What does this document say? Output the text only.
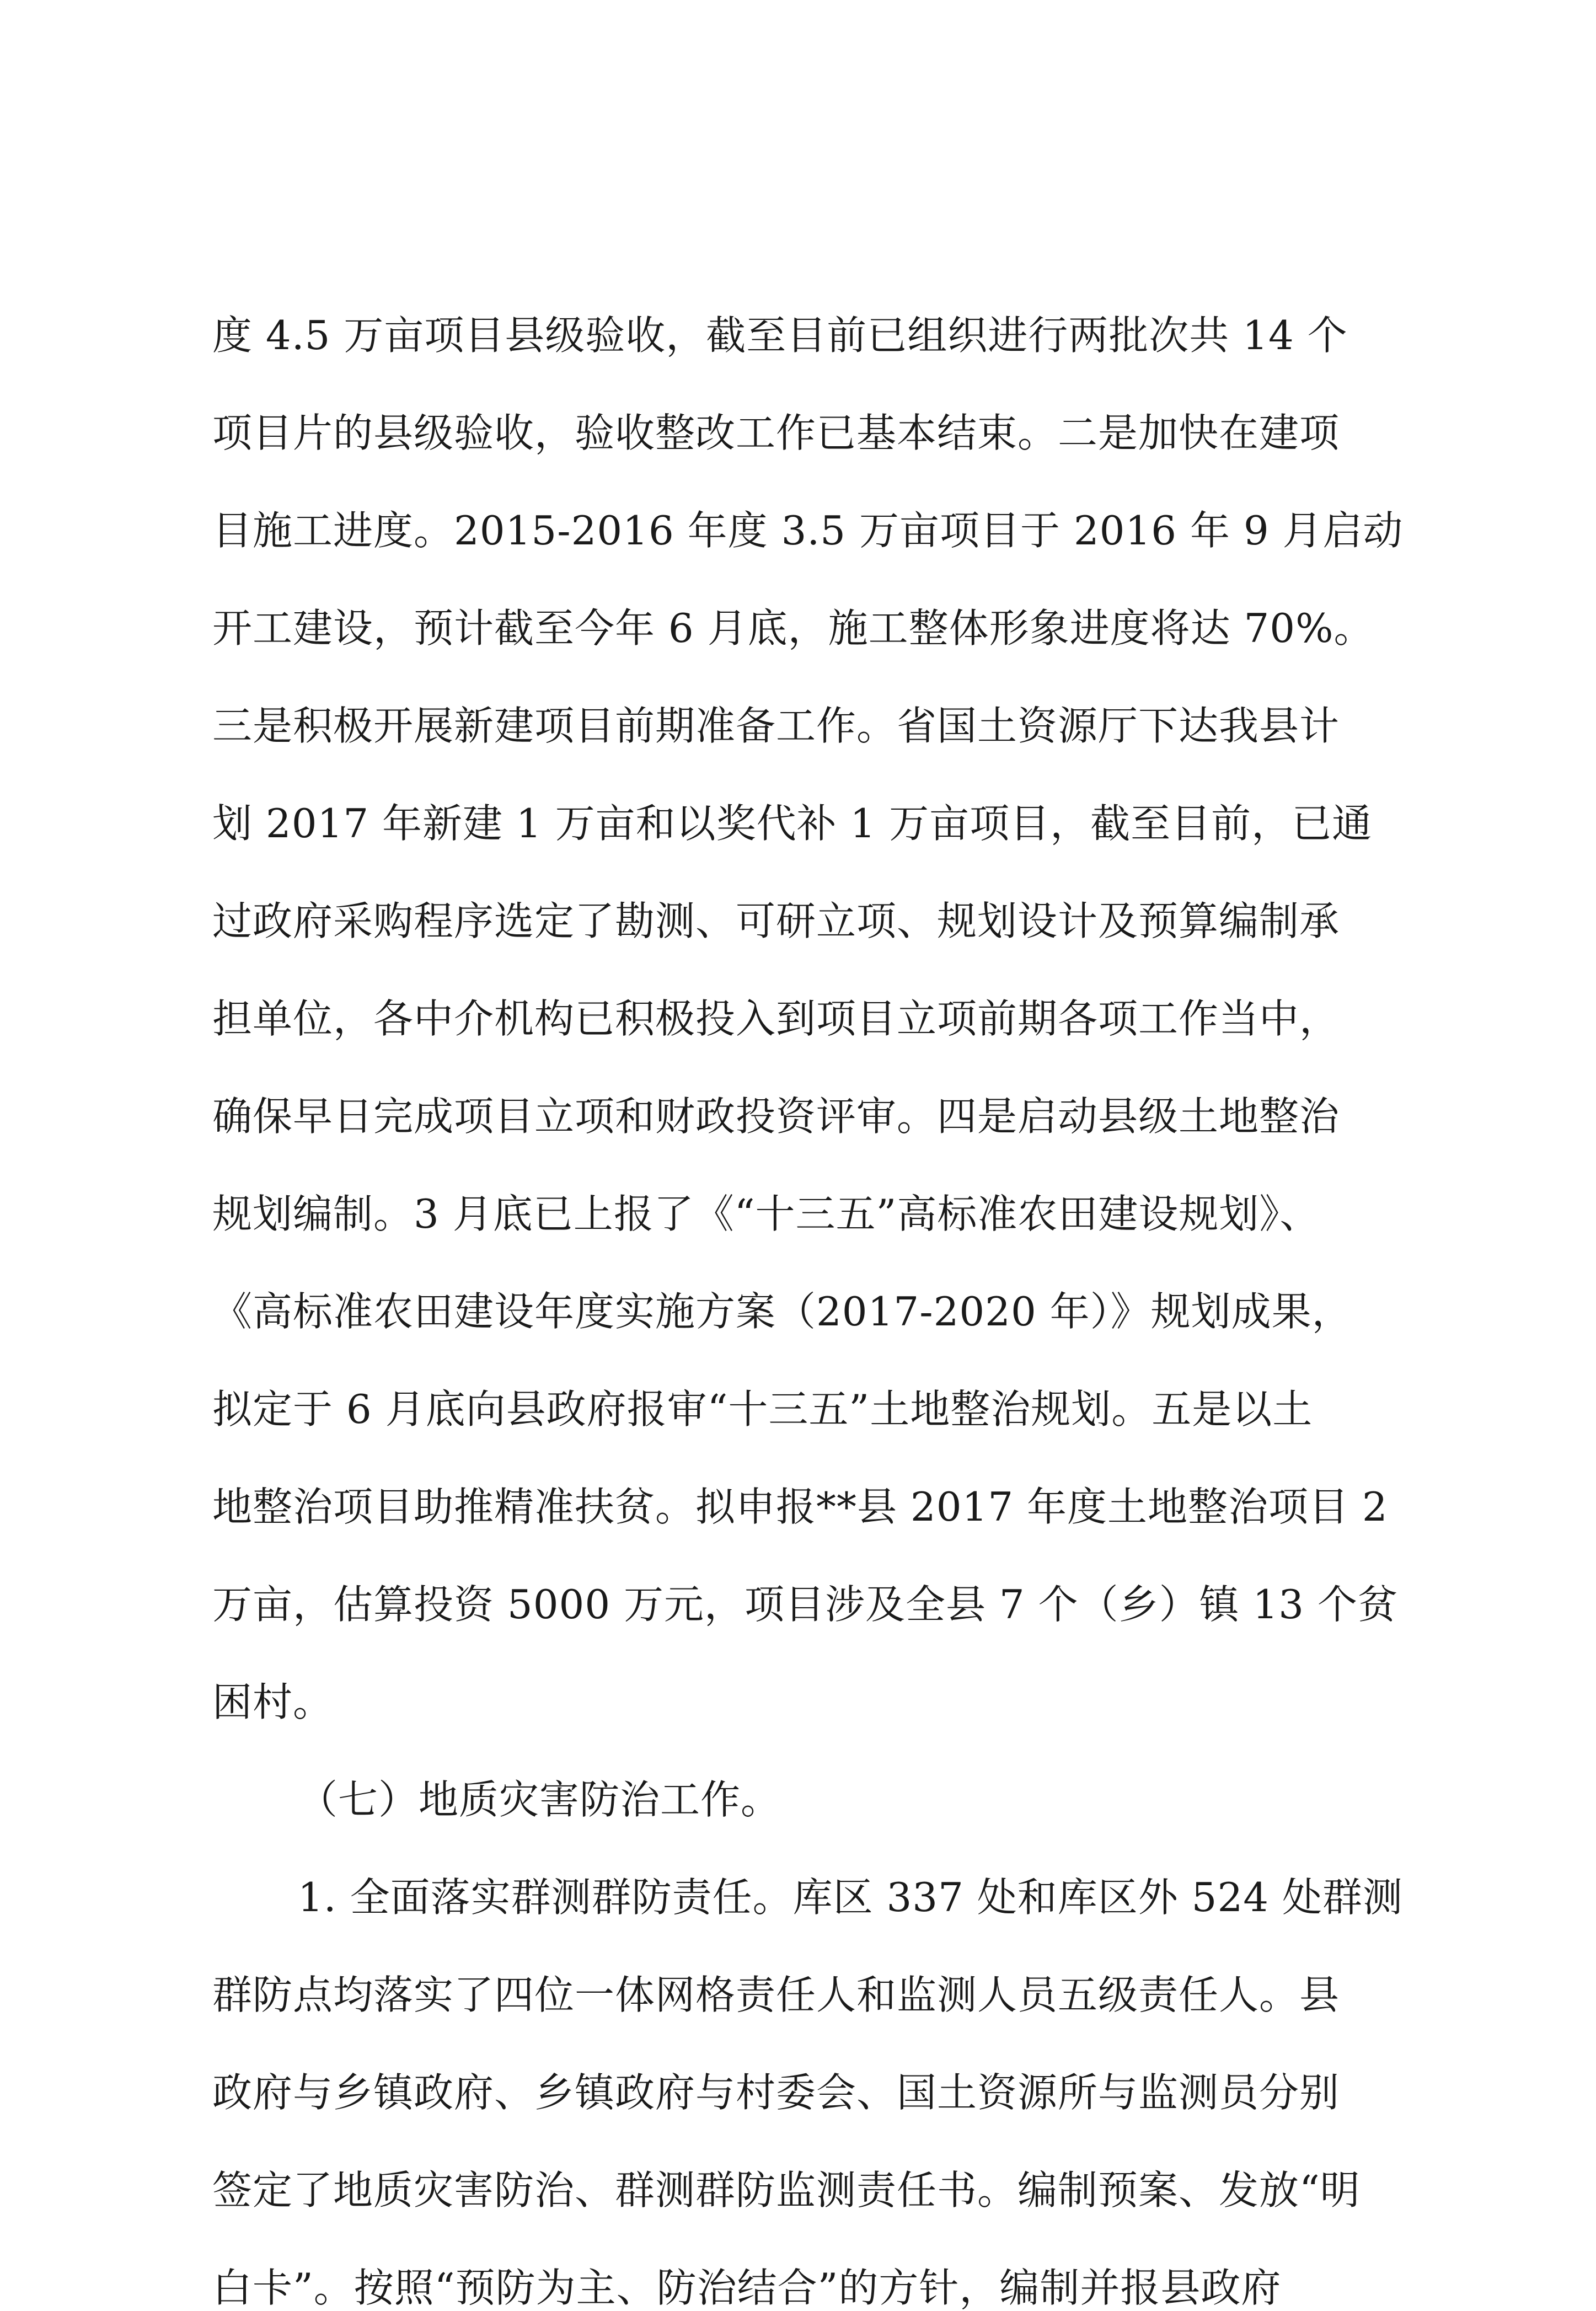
度 4.5 万亩项目县级验收，截至目前已组织进行两批次共 14 个
项目片的县级验收，验收整改工作已基本结束。二是加快在建项
目施工进度。2015-2016 年度 3.5 万亩项目于 2016 年 9 月启动
开工建设，预计截至今年 6 月底，施工整体形象进度将达 70%。
三是积极开展新建项目前期准备工作。省国土资源厅下达我县计
划 2017 年新建 1 万亩和以奖代补 1 万亩项目，截至目前，已通
过政府采购程序选定了勘测、可研立项、规划设计及预算编制承
担单位，各中介机构已积极投入到项目立项前期各项工作当中，
确保早日完成项目立项和财政投资评审。四是启动县级土地整治
规划编制。3 月底已上报了《“十三五”高标准农田建设规划》、
《高标准农田建设年度实施方案（2017-2020 年）》规划成果，
拟定于 6 月底向县政府报审“十三五”土地整治规划。五是以土
地整治项目助推精准扶贫。拟申报**县 2017 年度土地整治项目 2
万亩，估算投资 5000 万元，项目涉及全县 7 个（乡）镇 13 个贫
困村。
（七）地质灾害防治工作。
1. 全面落实群测群防责任。库区 337 处和库区外 524 处群测
群防点均落实了四位一体网格责任人和监测人员五级责任人。县
政府与乡镇政府、乡镇政府与村委会、国土资源所与监测员分别
签定了地质灾害防治、群测群防监测责任书。编制预案、发放“明
白卡”。按照“预防为主、防治结合”的方针，编制并报县政府
